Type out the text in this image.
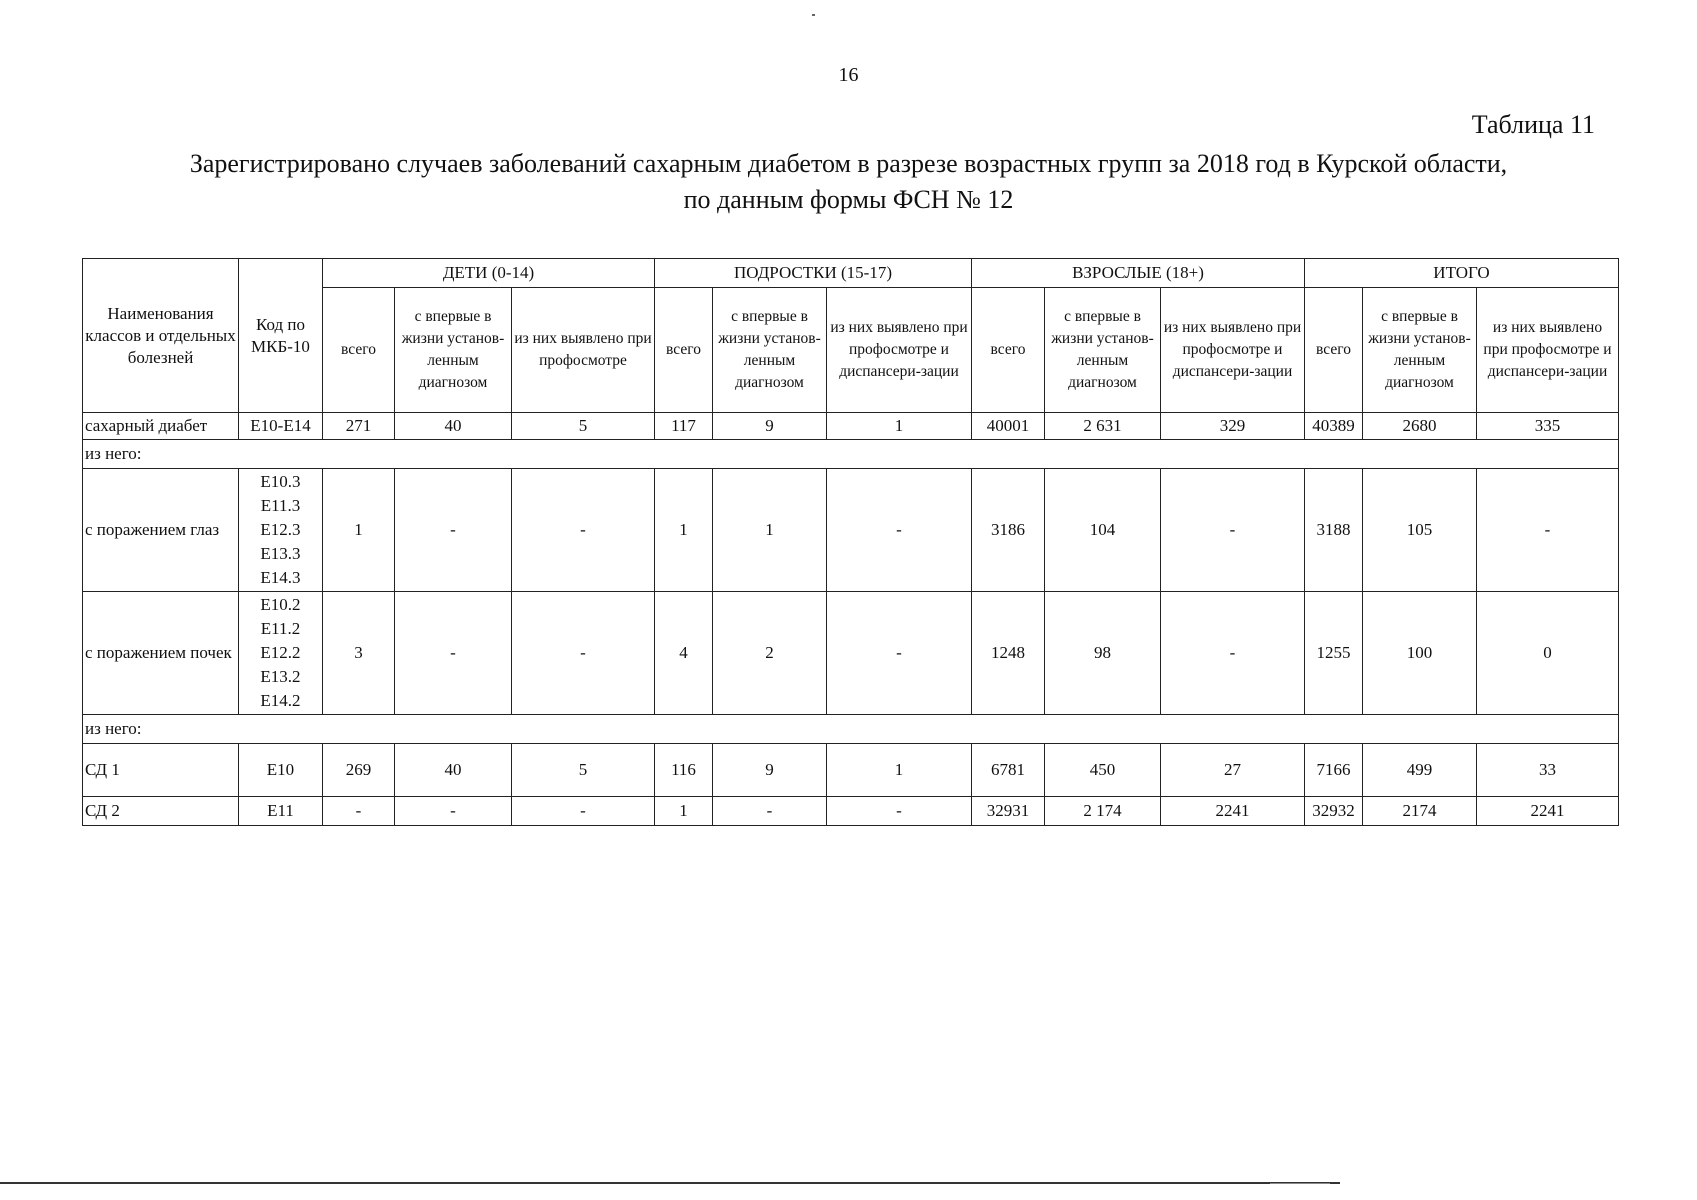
16
Таблица 11
Зарегистрировано случаев заболеваний сахарным диабетом в разрезе возрастных групп за 2018 год в Курской области,
по данным формы ФСН № 12
Наименования классов и отдельных болезней	Код по МКБ-10	ДЕТИ (0-14)			ПОДРОСТКИ (15-17)			ВЗРОСЛЫЕ (18+)			ИТОГО		
		всего	с впервые в жизни установ-ленным диагнозом	из них выявлено при профосмотре	всего	с впервые в жизни установ-ленным диагнозом	из них выявлено при профосмотре и диспансери-зации	всего	с впервые в жизни установ-ленным диагнозом	из них выявлено при профосмотре и диспансери-зации	всего	с впервые в жизни установ-ленным диагнозом	из них выявлено при профосмотре и диспансери-зации
сахарный диабет	E10-E14	271	40	5	117	9	1	40001	2 631	329	40389	2680	335
из него:													
с поражением глаз	E10.3
E11.3
E12.3
E13.3
E14.3	1	-	-	1	1	-	3186	104	-	3188	105	-
с поражением почек	E10.2
E11.2
E12.2
E13.2
E14.2	3	-	-	4	2	-	1248	98	-	1255	100	0
из него:													
СД 1	E10	269	40	5	116	9	1	6781	450	27	7166	499	33
СД 2	E11	-	-	-	1	-	-	32931	2 174	2241	32932	2174	2241
